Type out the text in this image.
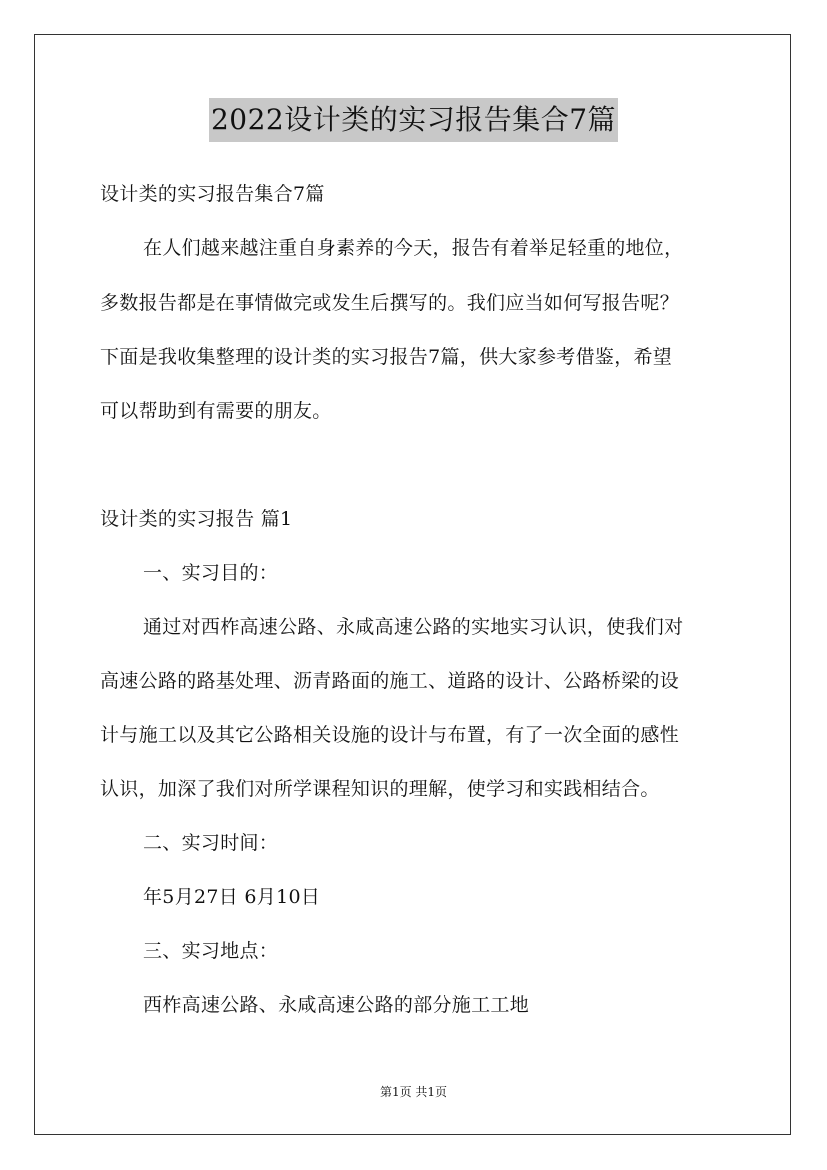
2022设计类的实习报告集合7篇
设计类的实习报告集合7篇
在人们越来越注重自身素养的今天，报告有着举足轻重的地位，
多数报告都是在事情做完或发生后撰写的。我们应当如何写报告呢？
下面是我收集整理的设计类的实习报告7篇，供大家参考借鉴，希望
可以帮助到有需要的朋友。
设计类的实习报告 篇1
一、实习目的：
通过对西柞高速公路、永咸高速公路的实地实习认识，使我们对
高速公路的路基处理、沥青路面的施工、道路的设计、公路桥梁的设
计与施工以及其它公路相关设施的设计与布置，有了一次全面的感性
认识，加深了我们对所学课程知识的理解，使学习和实践相结合。
二、实习时间：
年5月27日 6月10日
三、实习地点：
西柞高速公路、永咸高速公路的部分施工工地
第1页 共1页
